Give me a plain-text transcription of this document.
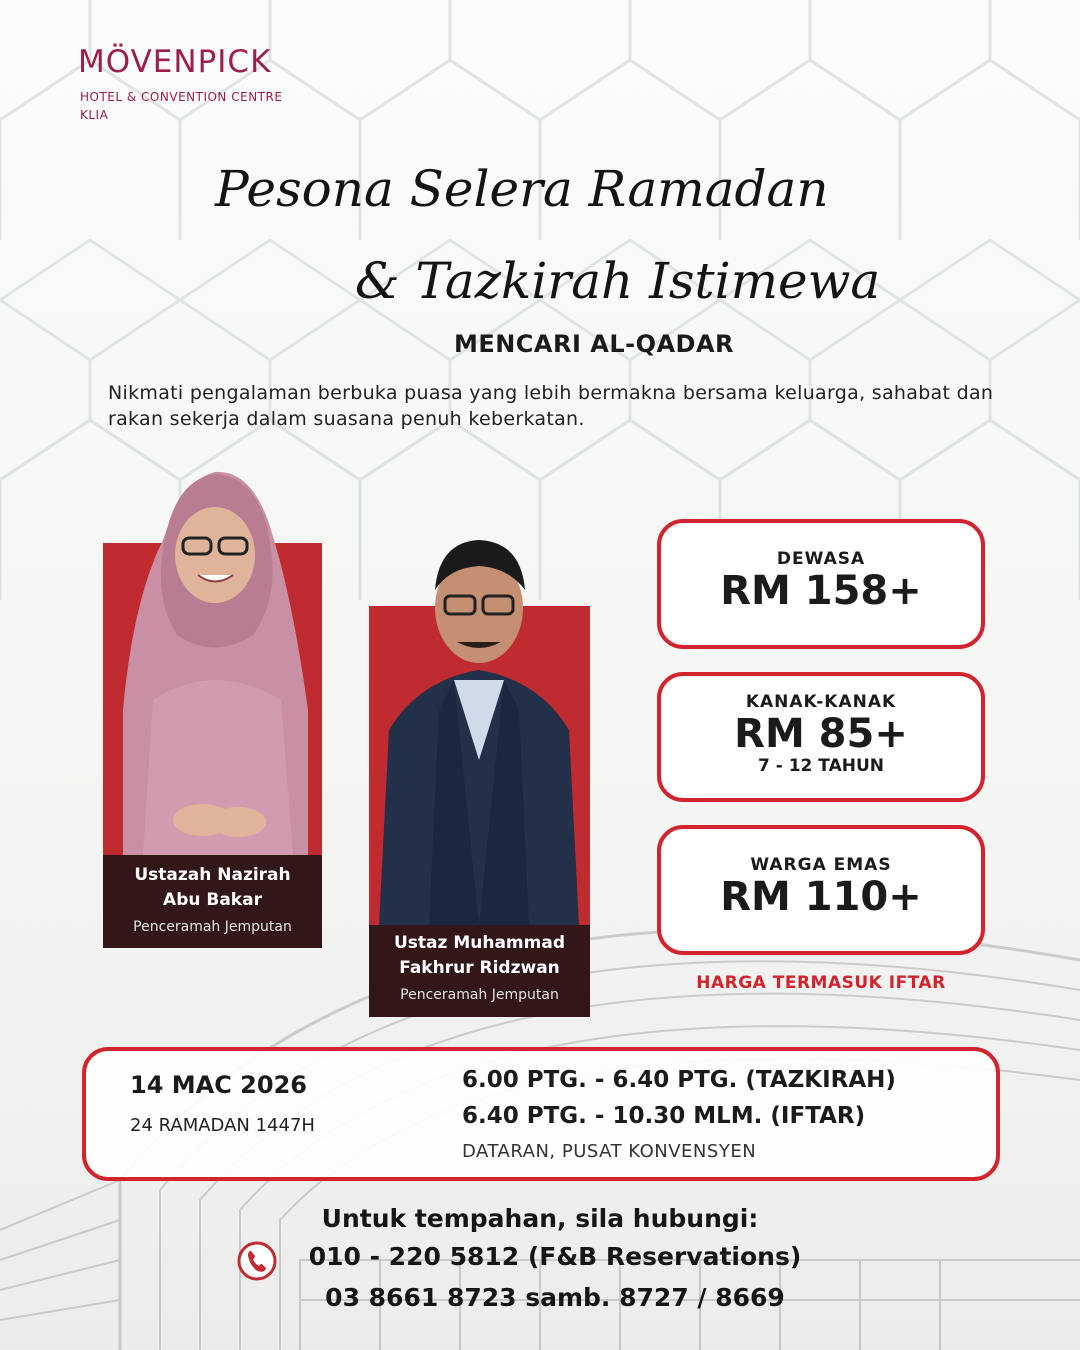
MÖVENPICK
HOTEL & CONVENTION CENTRE
KLIA
Pesona Selera Ramadan
& Tazkirah Istimewa
MENCARI AL-QADAR
Nikmati pengalaman berbuka puasa yang lebih bermakna bersama keluarga, sahabat dan rakan sekerja dalam suasana penuh keberkatan.
Ustazah Nazirah
Abu Bakar
Penceramah Jemputan
Ustaz Muhammad
Fakhrur Ridzwan
Penceramah Jemputan
DEWASA
RM 158+
KANAK-KANAK
RM 85+
7 - 12 TAHUN
WARGA EMAS
RM 110+
HARGA TERMASUK IFTAR
14 MAC 2026
24 RAMADAN 1447H
6.00 PTG. - 6.40 PTG. (TAZKIRAH)
6.40 PTG. - 10.30 MLM. (IFTAR)
DATARAN, PUSAT KONVENSYEN
Untuk tempahan, sila hubungi:
010 - 220 5812 (F&B Reservations)
03 8661 8723 samb. 8727 / 8669
